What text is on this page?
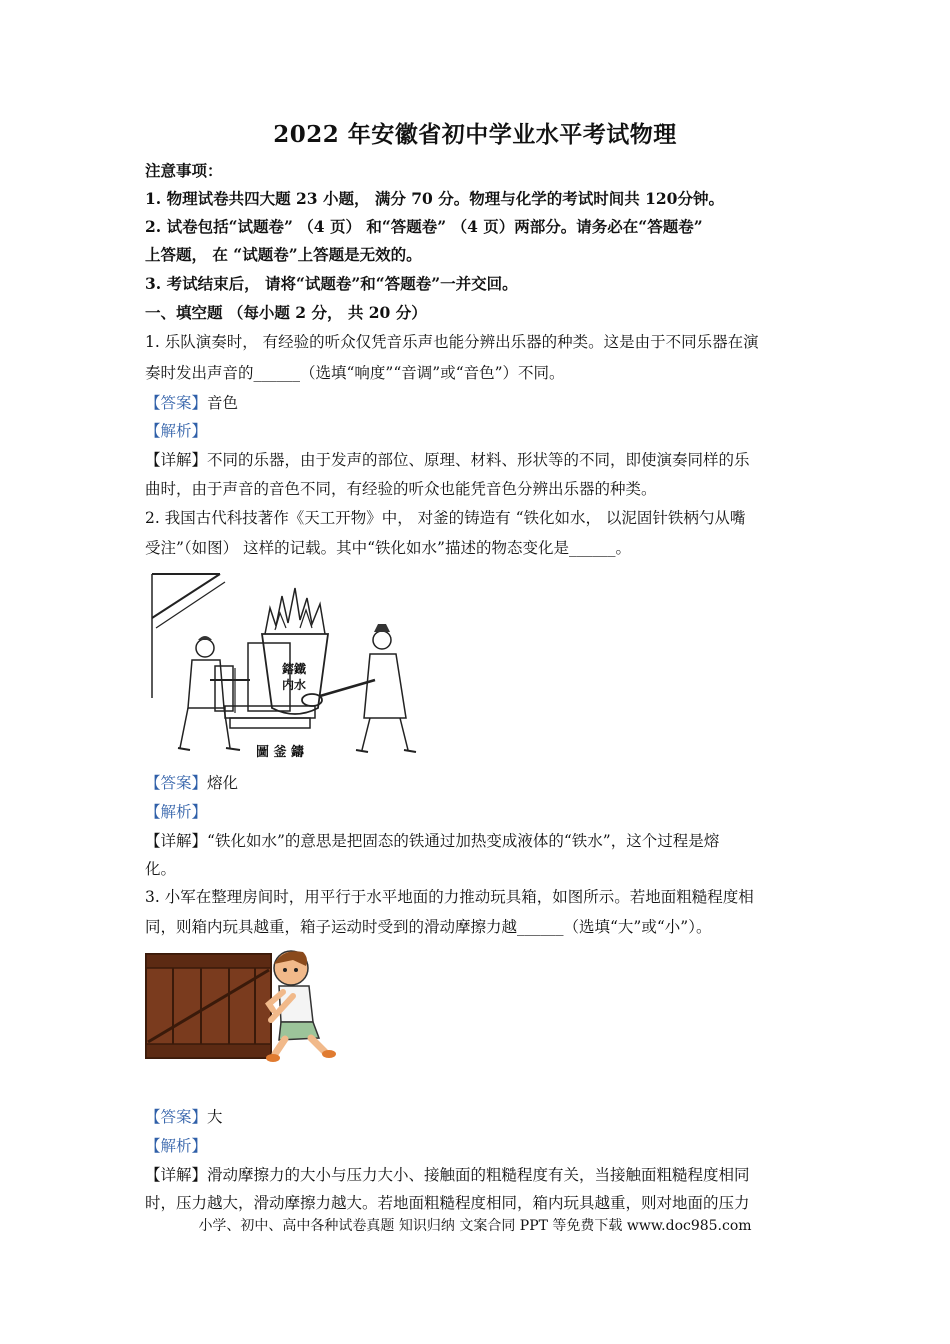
2022 年安徽省初中学业水平考试物理
注意事项：
1. 物理试卷共四大题 23 小题， 满分 70 分。物理与化学的考试时间共 120分钟。
2. 试卷包括“试题卷” （4 页） 和“答题卷” （4 页）两部分。请务必在“答题卷”
上答题， 在 “试题卷”上答题是无效的。
3. 考试结束后， 请将“试题卷”和“答题卷”一并交回。
一、填空题 （每小题 2 分， 共 20 分）
1. 乐队演奏时， 有经验的听众仅凭音乐声也能分辨出乐器的种类。这是由于不同乐器在演
奏时发出声音的______（选填“响度”“音调”或“音色”）不同。
【答案】音色
【解析】
【详解】不同的乐器，由于发声的部位、原理、材料、形状等的不同，即使演奏同样的乐
曲时，由于声音的音色不同，有经验的听众也能凭音色分辨出乐器的种类。
2. 我国古代科技著作《天工开物》中， 对釜的铸造有 “铁化如水， 以泥固针铁柄勺从嘴
受注”（如图） 这样的记载。其中“铁化如水”描述的物态变化是______。
鎔鐵内水
圖 釜 鑄
【答案】熔化
【解析】
【详解】“铁化如水”的意思是把固态的铁通过加热变成液体的“铁水”，这个过程是熔
化。
3. 小军在整理房间时，用平行于水平地面的力推动玩具箱，如图所示。若地面粗糙程度相
同，则箱内玩具越重，箱子运动时受到的滑动摩擦力越______（选填“大”或“小”）。
【答案】大
【解析】
【详解】滑动摩擦力的大小与压力大小、接触面的粗糙程度有关，当接触面粗糙程度相同
时，压力越大，滑动摩擦力越大。若地面粗糙程度相同，箱内玩具越重，则对地面的压力
小学、初中、高中各种试卷真题 知识归纳 文案合同 PPT 等免费下载 www.doc985.com
